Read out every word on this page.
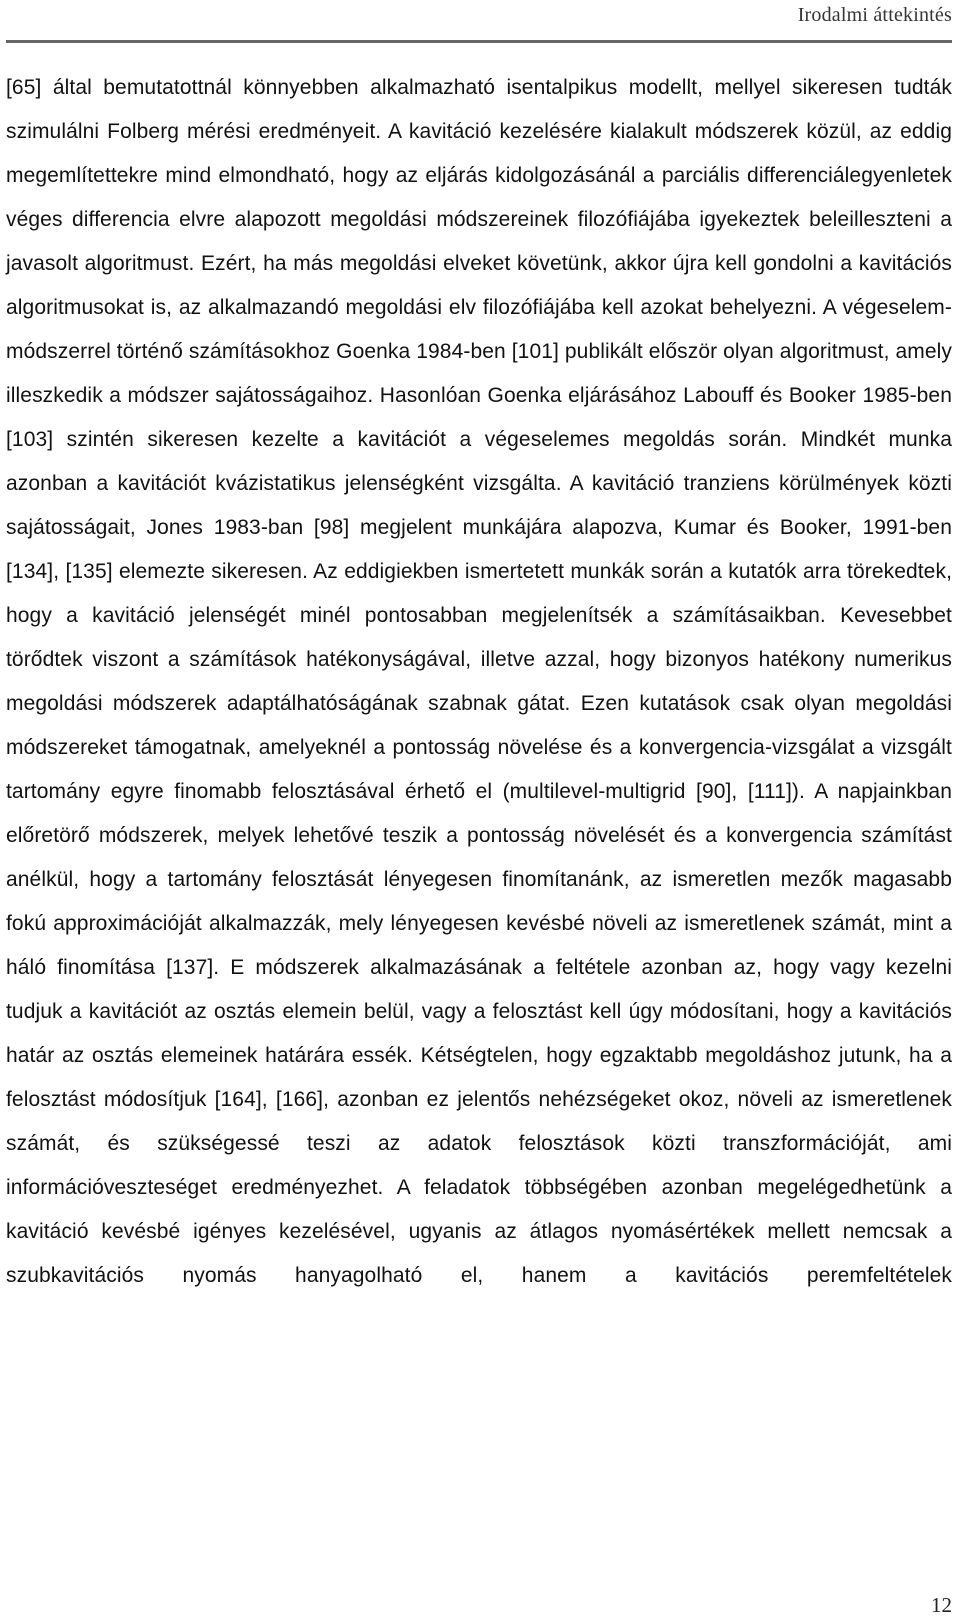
Irodalmi áttekintés

[65] által bemutatottnál könnyebben alkalmazható isentalpikus modellt, mellyel sikeresen tudták szimulálni Folberg mérési eredményeit. A kavitáció kezelésére kialakult módszerek közül, az eddig megemlítettekre mind elmondható, hogy az eljárás kidolgozásánál a parciális differenciálegyenletek véges differencia elvre alapozott megoldási módszereinek filozófiájába igyekeztek beleilleszteni a javasolt algoritmust. Ezért, ha más megoldási elveket követünk, akkor újra kell gondolni a kavitációs algoritmusokat is, az alkalmazandó megoldási elv filozófiájába kell azokat behelyezni. A végeselem-módszerrel történő számításokhoz Goenka 1984-ben [101] publikált először olyan algoritmust, amely illeszkedik a módszer sajátosságaihoz. Hasonlóan Goenka eljárásához Labouff és Booker 1985-ben [103] szintén sikeresen kezelte a kavitációt a végeselemes megoldás során. Mindkét munka azonban a kavitációt kvázistatikus jelenségként vizsgálta. A kavitáció tranziens körülmények közti sajátosságait, Jones 1983-ban [98] megjelent munkájára alapozva, Kumar és Booker, 1991-ben [134], [135] elemezte sikeresen. Az eddigiekben ismertetett munkák során a kutatók arra törekedtek, hogy a kavitáció jelenségét minél pontosabban megjelenítsék a számításaikban. Kevesebbet törődtek viszont a számítások hatékonyságával, illetve azzal, hogy bizonyos hatékony numerikus megoldási módszerek adaptálhatóságának szabnak gátat. Ezen kutatások csak olyan megoldási módszereket támogatnak, amelyeknél a pontosság növelése és a konvergencia-vizsgálat a vizsgált tartomány egyre finomabb felosztásával érhető el (multilevel-multigrid [90], [111]). A napjainkban előretörő módszerek, melyek lehetővé teszik a pontosság növelését és a konvergencia számítást anélkül, hogy a tartomány felosztását lényegesen finomítanánk, az ismeretlen mezők magasabb fokú approximációját alkalmazzák, mely lényegesen kevésbé növeli az ismeretlenek számát, mint a háló finomítása [137]. E módszerek alkalmazásának a feltétele azonban az, hogy vagy kezelni tudjuk a kavitációt az osztás elemein belül, vagy a felosztást kell úgy módosítani, hogy a kavitációs határ az osztás elemeinek határára essék. Kétségtelen, hogy egzaktabb megoldáshoz jutunk, ha a felosztást módosítjuk [164], [166], azonban ez jelentős nehézségeket okoz, növeli az ismeretlenek számát, és szükségessé teszi az adatok felosztások közti transzformációját, ami információveszteséget eredményezhet. A feladatok többségében azonban megelégedhetünk a kavitáció kevésbé igényes kezelésével, ugyanis az átlagos nyomásértékek mellett nemcsak a szubkavitációs nyomás hanyagolható el, hanem a kavitációs peremfeltételek

12
